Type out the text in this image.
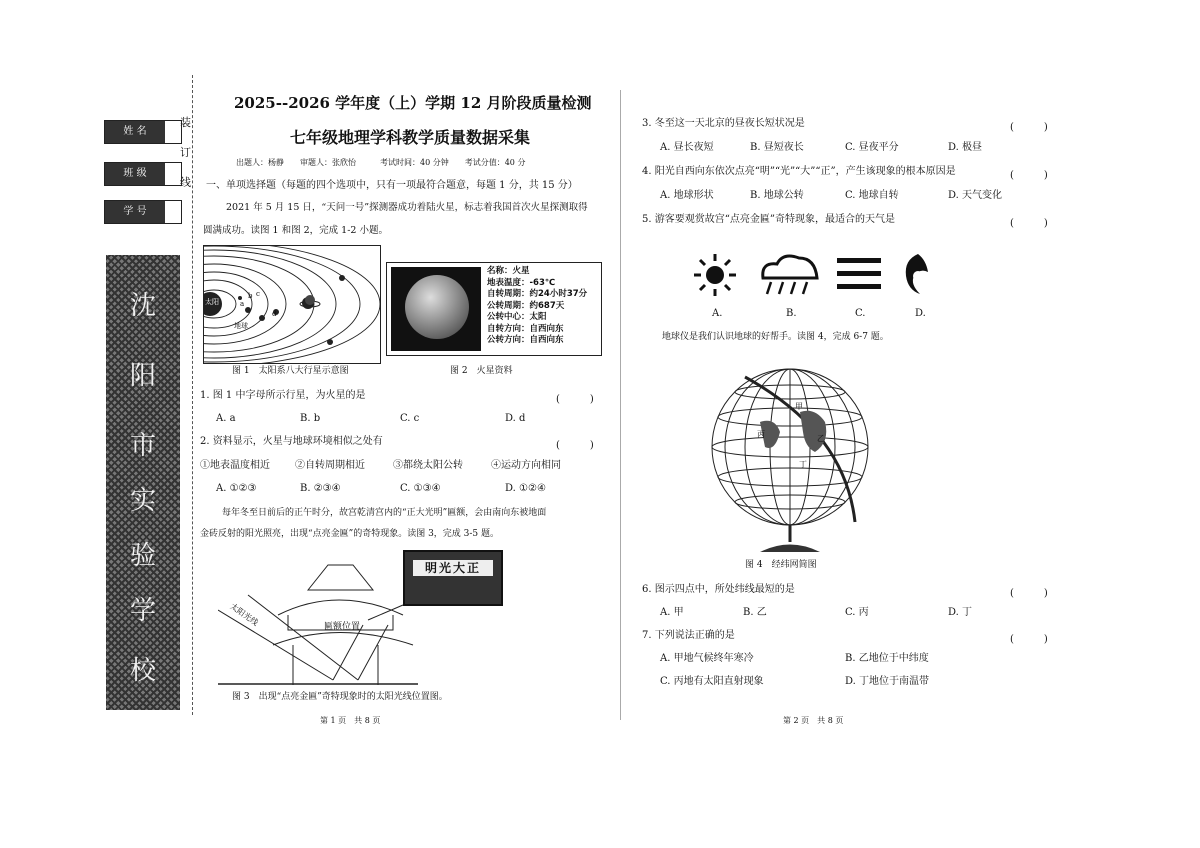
装
订
线
姓 名
班 级
学 号
沈
阳
市
实
验
学
校
2025--2026 学年度（上）学期 12 月阶段质量检测
七年级地理学科教学质量数据采集
出题人：杨静　　审题人：张欣怡　　　考试时间：40 分钟　　考试分值：40 分
一、单项选择题（每题的四个选项中，只有一项最符合题意，每题 1 分，共 15 分）
2021 年 5 月 15 日，“天问一号”探测器成功着陆火星，标志着我国首次火星探测取得
圆满成功。读图 1 和图 2，完成 1-2 小题。
太阳	a
b c
d
地球
图 1　太阳系八大行星示意图
名称：火星
地表温度：-63℃
自转周期：约24小时37分
公转周期：约687天
公转中心：太阳
自转方向：自西向东
公转方向：自西向东
图 2　火星资料
1. 图 1 中字母所示行星，为火星的是	(　　　)
A. a	B. b	C. c	D. d
2. 资料显示，火星与地球环境相似之处有	(　　　)
①地表温度相近	②自转周期相近	③都绕太阳公转	④运动方向相同
A. ①②③	B. ②③④	C. ①③④	D. ①②④
每年冬至日前后的正午时分，故宫乾清宫内的“正大光明”匾额，会由南向东被地面
金砖反射的阳光照亮，出现“点亮金匾”的奇特现象。读图 3，完成 3-5 题。
明光大正
太阳光线	匾额位置
图 3　出现“点亮金匾”奇特现象时的太阳光线位置图。
第 1 页　共 8 页
3. 冬至这一天北京的昼夜长短状况是	(　　　)
A. 昼长夜短	B. 昼短夜长	C. 昼夜平分	D. 极昼
4. 阳光自西向东依次点亮“明”“光”“大”“正”，产生该现象的根本原因是	(　　　)
A. 地球形状	B. 地球公转	C. 地球自转	D. 天气变化
5. 游客要观赏故宫“点亮金匾”奇特现象，最适合的天气是	(　　　)
A.	B.	C.	D.
地球仪是我们认识地球的好帮手。读图 4，完成 6-7 题。
甲
乙
丙
丁
图 4　经纬网简图
6. 图示四点中，所处纬线最短的是	(　　　)
A. 甲	B. 乙	C. 丙	D. 丁
7. 下列说法正确的是	(　　　)
A. 甲地气候终年寒冷	B. 乙地位于中纬度
C. 丙地有太阳直射现象	D. 丁地位于南温带
第 2 页　共 8 页
